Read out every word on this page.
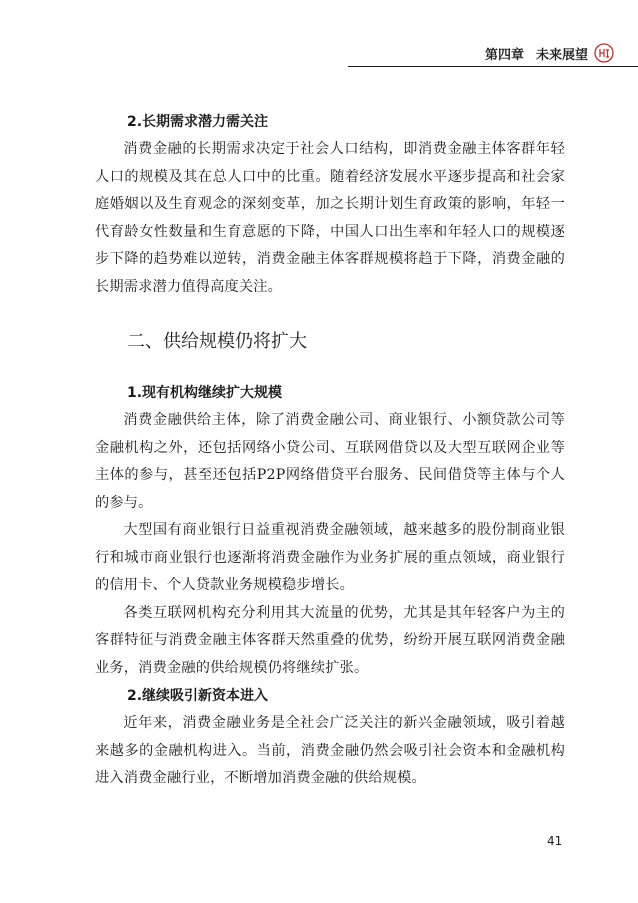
第四章 未来展望

2.长期需求潜力需关注

消费金融的长期需求决定于社会人口结构，即消费金融主体客群年轻人口的规模及其在总人口中的比重。随着经济发展水平逐步提高和社会家庭婚姻以及生育观念的深刻变革，加之长期计划生育政策的影响，年轻一代育龄女性数量和生育意愿的下降，中国人口出生率和年轻人口的规模逐步下降的趋势难以逆转，消费金融主体客群规模将趋于下降，消费金融的长期需求潜力值得高度关注。

二、供给规模仍将扩大

1.现有机构继续扩大规模

消费金融供给主体，除了消费金融公司、商业银行、小额贷款公司等金融机构之外，还包括网络小贷公司、互联网借贷以及大型互联网企业等主体的参与，甚至还包括P2P网络借贷平台服务、民间借贷等主体与个人的参与。

大型国有商业银行日益重视消费金融领域，越来越多的股份制商业银行和城市商业银行也逐渐将消费金融作为业务扩展的重点领域，商业银行的信用卡、个人贷款业务规模稳步增长。

各类互联网机构充分利用其大流量的优势，尤其是其年轻客户为主的客群特征与消费金融主体客群天然重叠的优势，纷纷开展互联网消费金融业务，消费金融的供给规模仍将继续扩张。

2.继续吸引新资本进入

近年来，消费金融业务是全社会广泛关注的新兴金融领域，吸引着越来越多的金融机构进入。当前，消费金融仍然会吸引社会资本和金融机构进入消费金融行业，不断增加消费金融的供给规模。

41
